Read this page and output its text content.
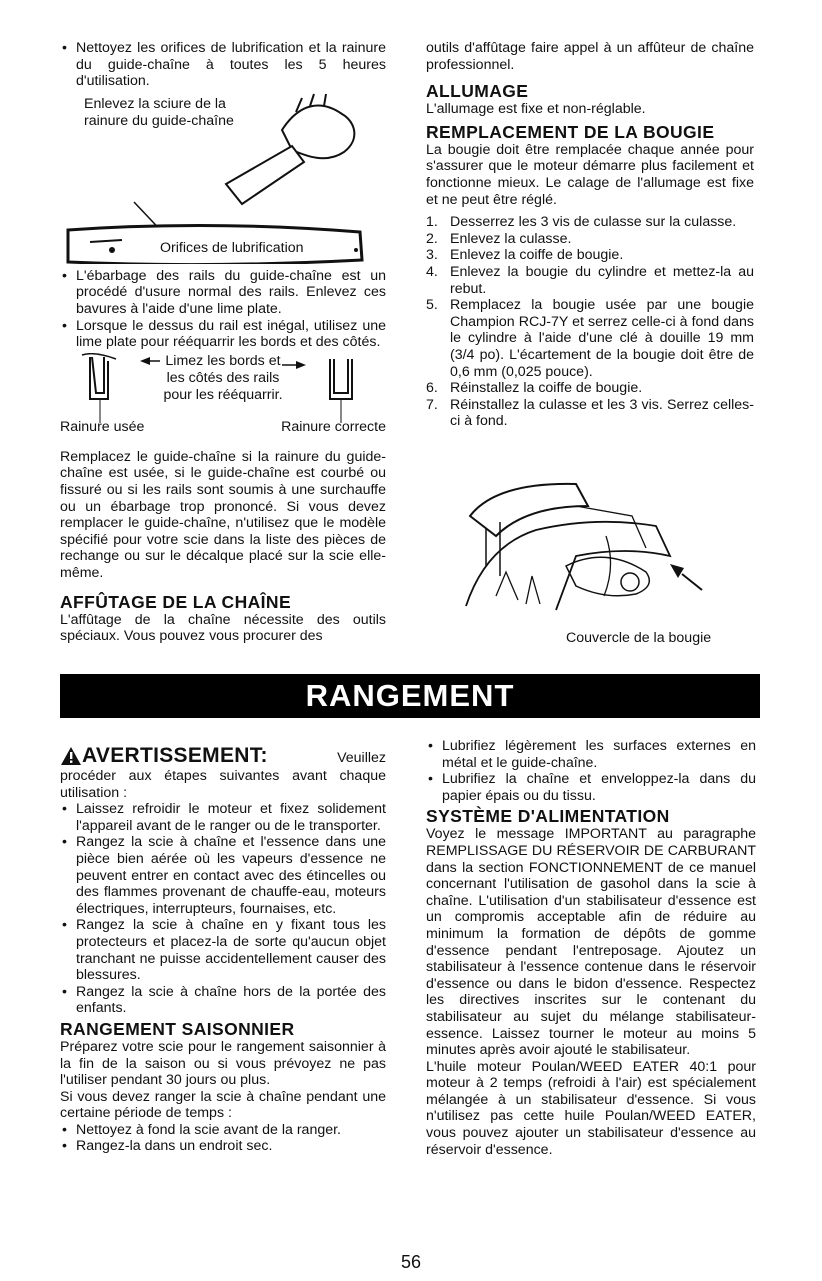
• Nettoyez les orifices de lubrification et la rainure du guide-chaîne à toutes les 5 heures d'utilisation.

Enlevez la sciure de la rainure du guide-chaîne
Orifices de lubrification

• L'ébarbage des rails du guide-chaîne est un procédé d'usure normal des rails. Enlevez ces bavures à l'aide d'une lime plate.

• Lorsque le dessus du rail est inégal, utilisez une lime plate pour rééquarrir les bords et des côtés.

Limez les bords et les côtés des rails pour les rééquarrir.
Rainure usée	Rainure correcte

Remplacez le guide-chaîne si la rainure du guide-chaîne est usée, si le guide-chaîne est courbé ou fissuré ou si les rails sont soumis à une surchauffe ou un ébarbage trop prononcé. Si vous devez remplacer le guide-chaîne, n'utilisez que le modèle spécifié pour votre scie dans la liste des pièces de rechange ou sur le décalque placé sur la scie elle-même.

AFFÛTAGE DE LA CHAÎNE

L'affûtage de la chaîne nécessite des outils spéciaux. Vous pouvez vous procurer des

outils d'affûtage faire appel à un affûteur de chaîne professionnel.

ALLUMAGE

L'allumage est fixe et non-réglable.

REMPLACEMENT DE LA BOUGIE

La bougie doit être remplacée chaque année pour s'assurer que le moteur démarre plus facilement et fonctionne mieux. Le calage de l'allumage est fixe et ne peut être réglé.

1. Desserrez les 3 vis de culasse sur la culasse.

2. Enlevez la culasse.

3. Enlevez la coiffe de bougie.

4. Enlevez la bougie du cylindre et mettez-la au rebut.

5. Remplacez la bougie usée par une bougie Champion RCJ-7Y et serrez celle-ci à fond dans le cylindre à l'aide d'une clé à douille 19 mm (3/4 po). L'écartement de la bougie doit être de 0,6 mm (0,025 pouce).

6. Réinstallez la coiffe de bougie.

7. Réinstallez la culasse et les 3 vis. Serrez celles-ci à fond.

Couvercle de la bougie
RANGEMENT
AVERTISSEMENT:	Veuillez procéder aux étapes suivantes avant chaque utilisation :

• Laissez refroidir le moteur et fixez solidement l'appareil avant de le ranger ou de le transporter.

• Rangez la scie à chaîne et l'essence dans une pièce bien aérée où les vapeurs d'essence ne peuvent entrer en contact avec des étincelles ou des flammes provenant de chauffe-eau, moteurs électriques, interrupteurs, fournaises, etc.

• Rangez la scie à chaîne en y fixant tous les protecteurs et placez-la de sorte qu'aucun objet tranchant ne puisse accidentellement causer des blessures.

• Rangez la scie à chaîne hors de la portée des enfants.

RANGEMENT SAISONNIER

Préparez votre scie pour le rangement saisonnier à la fin de la saison ou si vous prévoyez ne pas l'utiliser pendant 30 jours ou plus.

Si vous devez ranger la scie à chaîne pendant une certaine période de temps :

• Nettoyez à fond la scie avant de la ranger.

• Rangez-la dans un endroit sec.

• Lubrifiez légèrement les surfaces externes en métal et le guide-chaîne.

• Lubrifiez la chaîne et enveloppez-la dans du papier épais ou du tissu.

SYSTÈME D'ALIMENTATION

Voyez le message IMPORTANT au paragraphe REMPLISSAGE DU RÉSERVOIR DE CARBURANT dans la section FONCTIONNEMENT de ce manuel concernant l'utilisation de gasohol dans la scie à chaîne. L'utilisation d'un stabilisateur d'essence est un compromis acceptable afin de réduire au minimum la formation de dépôts de gomme d'essence pendant l'entreposage. Ajoutez un stabilisateur à l'essence contenue dans le réservoir d'essence ou dans le bidon d'essence. Respectez les directives inscrites sur le contenant du stabilisateur au sujet du mélange stabilisateur-essence. Laissez tourner le moteur au moins 5 minutes après avoir ajouté le stabilisateur.

L'huile moteur Poulan/WEED EATER 40:1 pour moteur à 2 temps (refroidi à l'air) est spécialement mélangée à un stabilisateur d'essence. Si vous n'utilisez pas cette huile Poulan/WEED EATER, vous pouvez ajouter un stabilisateur d'essence au réservoir d'essence.

56
